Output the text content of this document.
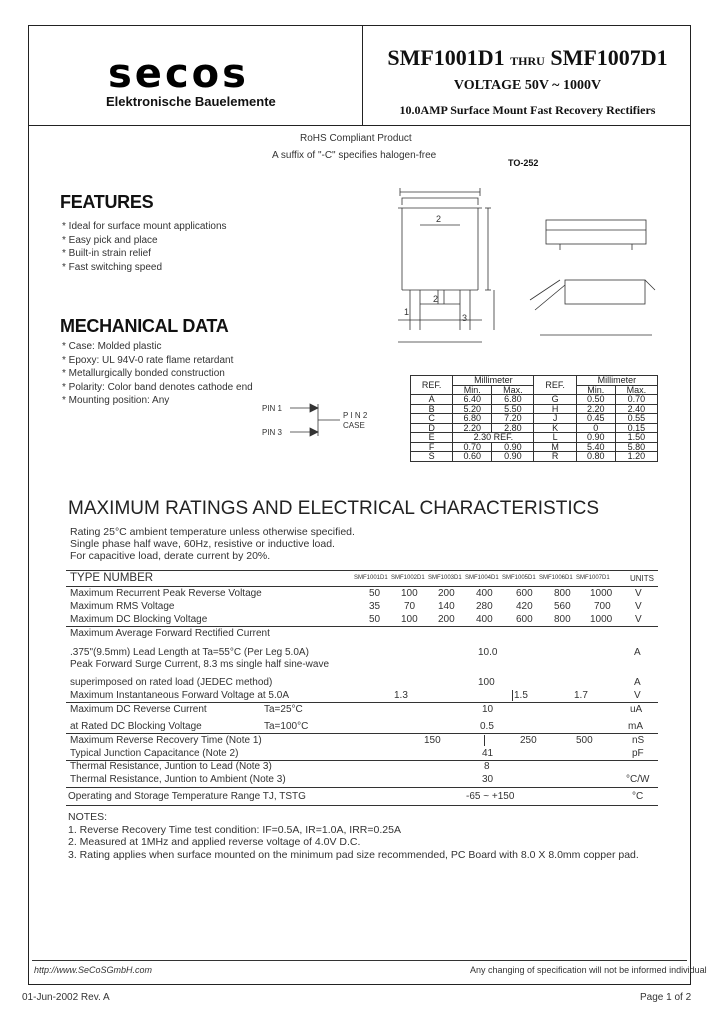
secos
Elektronische Bauelemente
SMF1001D1 THRU SMF1007D1
VOLTAGE 50V ~ 1000V
10.0AMP Surface Mount Fast Recovery Rectifiers
RoHS Compliant Product
A suffix of "-C" specifies halogen-free
TO-252
FEATURES
* Ideal for surface mount applications
* Easy pick and place
* Built-in strain relief
* Fast switching speed
MECHANICAL DATA
* Case: Molded plastic
* Epoxy: UL 94V-0 rate flame retardant
* Metallurgically bonded construction
* Polarity: Color band denotes cathode end
* Mounting position: Any
2
2
1
3
PIN 1
PIN 3
P I N 2
CASE
REF.	Millimeter		REF.	Millimeter	
	Min.	Max.		Min.	Max.
A	6.40	6.80	G	0.50	0.70
B	5.20	5.50	H	2.20	2.40
C	6.80	7.20	J	0.45	0.55
D	2.20	2.80	K	0	0.15
E	2.30 REF.		L	0.90	1.50
F	0.70	0.90	M	5.40	5.80
S	0.60	0.90	R	0.80	1.20
MAXIMUM RATINGS AND ELECTRICAL CHARACTERISTICS
Rating 25°C ambient temperature unless otherwise specified.
Single phase half wave, 60Hz, resistive or inductive load.
For capacitive load, derate current by 20%.
TYPE NUMBER	SMF1001D1 SMF1002D1 SMF1003D1 SMF1004D1 SMF1005D1 SMF1006D1 SMF1007D1	UNITS
Maximum Recurrent Peak Reverse Voltage	50 100 200 400 600 800 1000 V
Maximum RMS Voltage	35 70 140 280 420 560 700 V
Maximum DC Blocking Voltage	50 100 200 400 600 800 1000 V
Maximum Average Forward Rectified Current
.375"(9.5mm) Lead Length at Ta=55°C (Per Leg 5.0A)	10.0	A
Peak Forward Surge Current, 8.3 ms single half sine-wave
superimposed on rated load (JEDEC method)	100	A
Maximum Instantaneous Forward Voltage at 5.0A	1.3	1.5	1.7	V
Maximum DC Reverse Current	Ta=25°C	10	uA
at Rated DC Blocking Voltage	Ta=100°C	0.5	mA
Maximum Reverse Recovery Time (Note 1)	150	250	500	nS
Typical Junction Capacitance (Note 2)	41	pF
Thermal Resistance, Juntion to Lead (Note 3)	8
Thermal Resistance, Juntion to Ambient (Note 3)	30	°C/W
Operating and Storage Temperature Range TJ, TSTG	-65 ~ +150	°C
NOTES:
1. Reverse Recovery Time test condition: IF=0.5A, IR=1.0A, IRR=0.25A
2. Measured at 1MHz and applied reverse voltage of 4.0V D.C.
3. Rating applies when surface mounted on the minimum pad size recommended, PC Board with 8.0 X 8.0mm copper pad.
http://www.SeCoSGmbH.com	Any changing of specification will not be informed individual
01-Jun-2002 Rev. A	Page 1 of 2
